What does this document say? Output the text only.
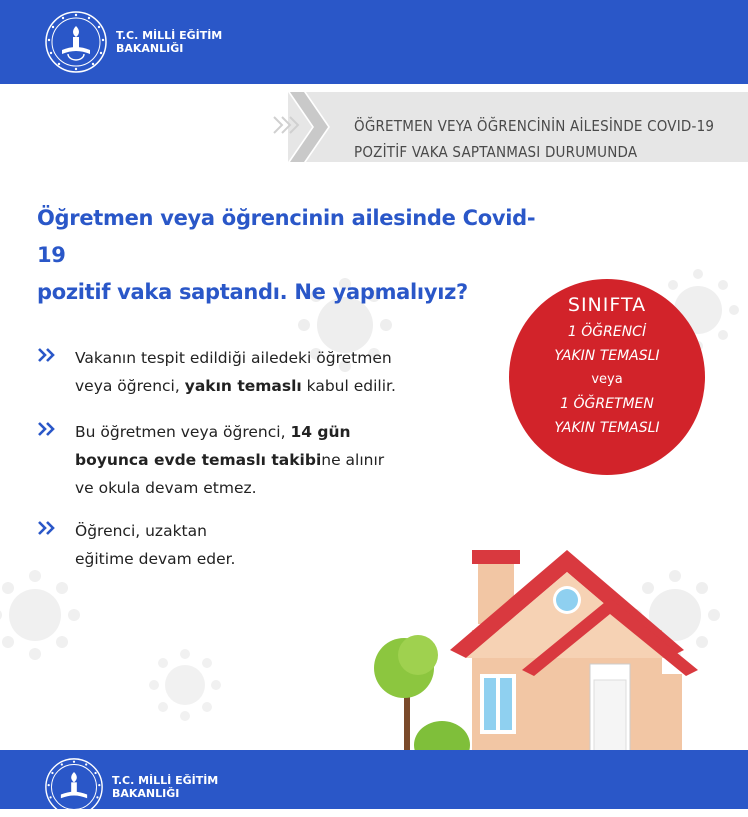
T.C. MİLLİ EĞİTİM
BAKANLIĞI
ÖĞRETMEN VEYA ÖĞRENCİNİN AİLESİNDE COVID-19
POZİTİF VAKA SAPTANMASI DURUMUNDA
Öğretmen veya öğrencinin ailesinde Covid-19
pozitif vaka saptandı. Ne yapmalıyız?
Vakanın tespit edildiği ailedeki öğretmen
veya öğrenci, yakın temaslı kabul edilir.
Bu öğretmen veya öğrenci, 14 gün
boyunca evde temaslı takibine alınır
ve okula devam etmez.
Öğrenci, uzaktan
eğitime devam eder.
SINIFTA
1 ÖĞRENCİ
YAKIN TEMASLI
veya
1 ÖĞRETMEN
YAKIN TEMASLI
T.C. MİLLİ EĞİTİM
BAKANLIĞI
